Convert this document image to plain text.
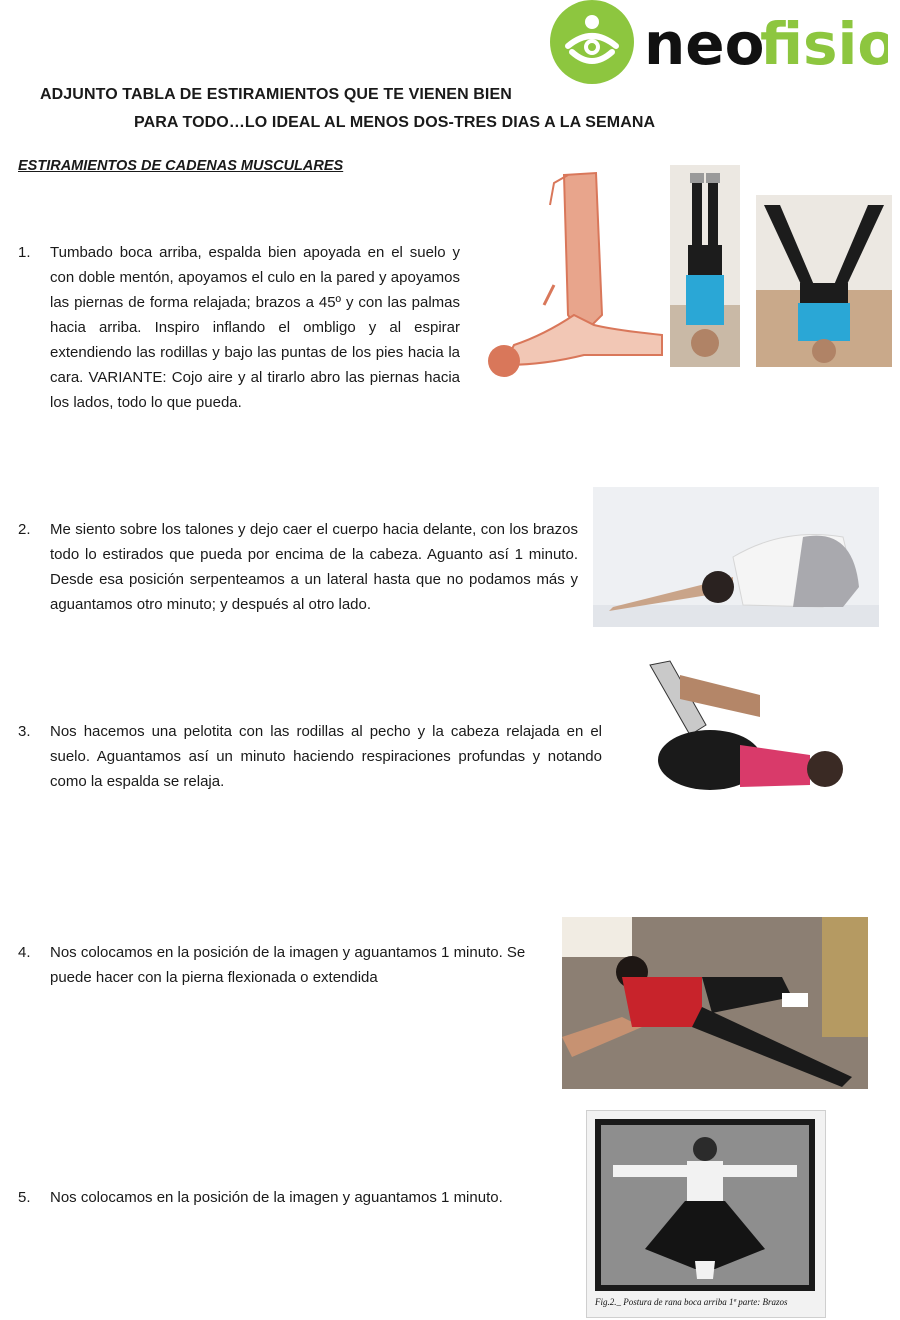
neo
fisio
ADJUNTO TABLA DE ESTIRAMIENTOS QUE TE VIENEN BIEN
PARA TODO…LO IDEAL AL MENOS DOS-TRES DIAS A LA SEMANA
ESTIRAMIENTOS DE CADENAS MUSCULARES
1. Tumbado boca arriba, espalda bien apoyada en el suelo y con doble mentón, apoyamos el culo en la pared y apoyamos las piernas de forma relajada; brazos a 45º y con las palmas hacia arriba. Inspiro inflando el ombligo y al espirar extendiendo las rodillas y bajo las puntas de los pies hacia la cara. VARIANTE: Cojo aire y al tirarlo abro las piernas hacia los lados, todo lo que pueda.
2. Me siento sobre los talones y dejo caer el cuerpo hacia delante, con los brazos todo lo estirados que pueda por encima de la cabeza. Aguanto así 1 minuto. Desde esa posición serpenteamos a un lateral hasta que no podamos más y aguantamos otro minuto; y después al otro lado.
3. Nos hacemos una pelotita con las rodillas al pecho y la cabeza relajada en el suelo. Aguantamos así un minuto haciendo respiraciones profundas y notando como la espalda se relaja.
4. Nos colocamos en la posición de la imagen y aguantamos 1 minuto. Se puede hacer con la pierna flexionada o extendida
5. Nos colocamos en la posición de la imagen y aguantamos 1 minuto.
Fig.2._ Postura de rana boca arriba 1ª parte: Brazos
